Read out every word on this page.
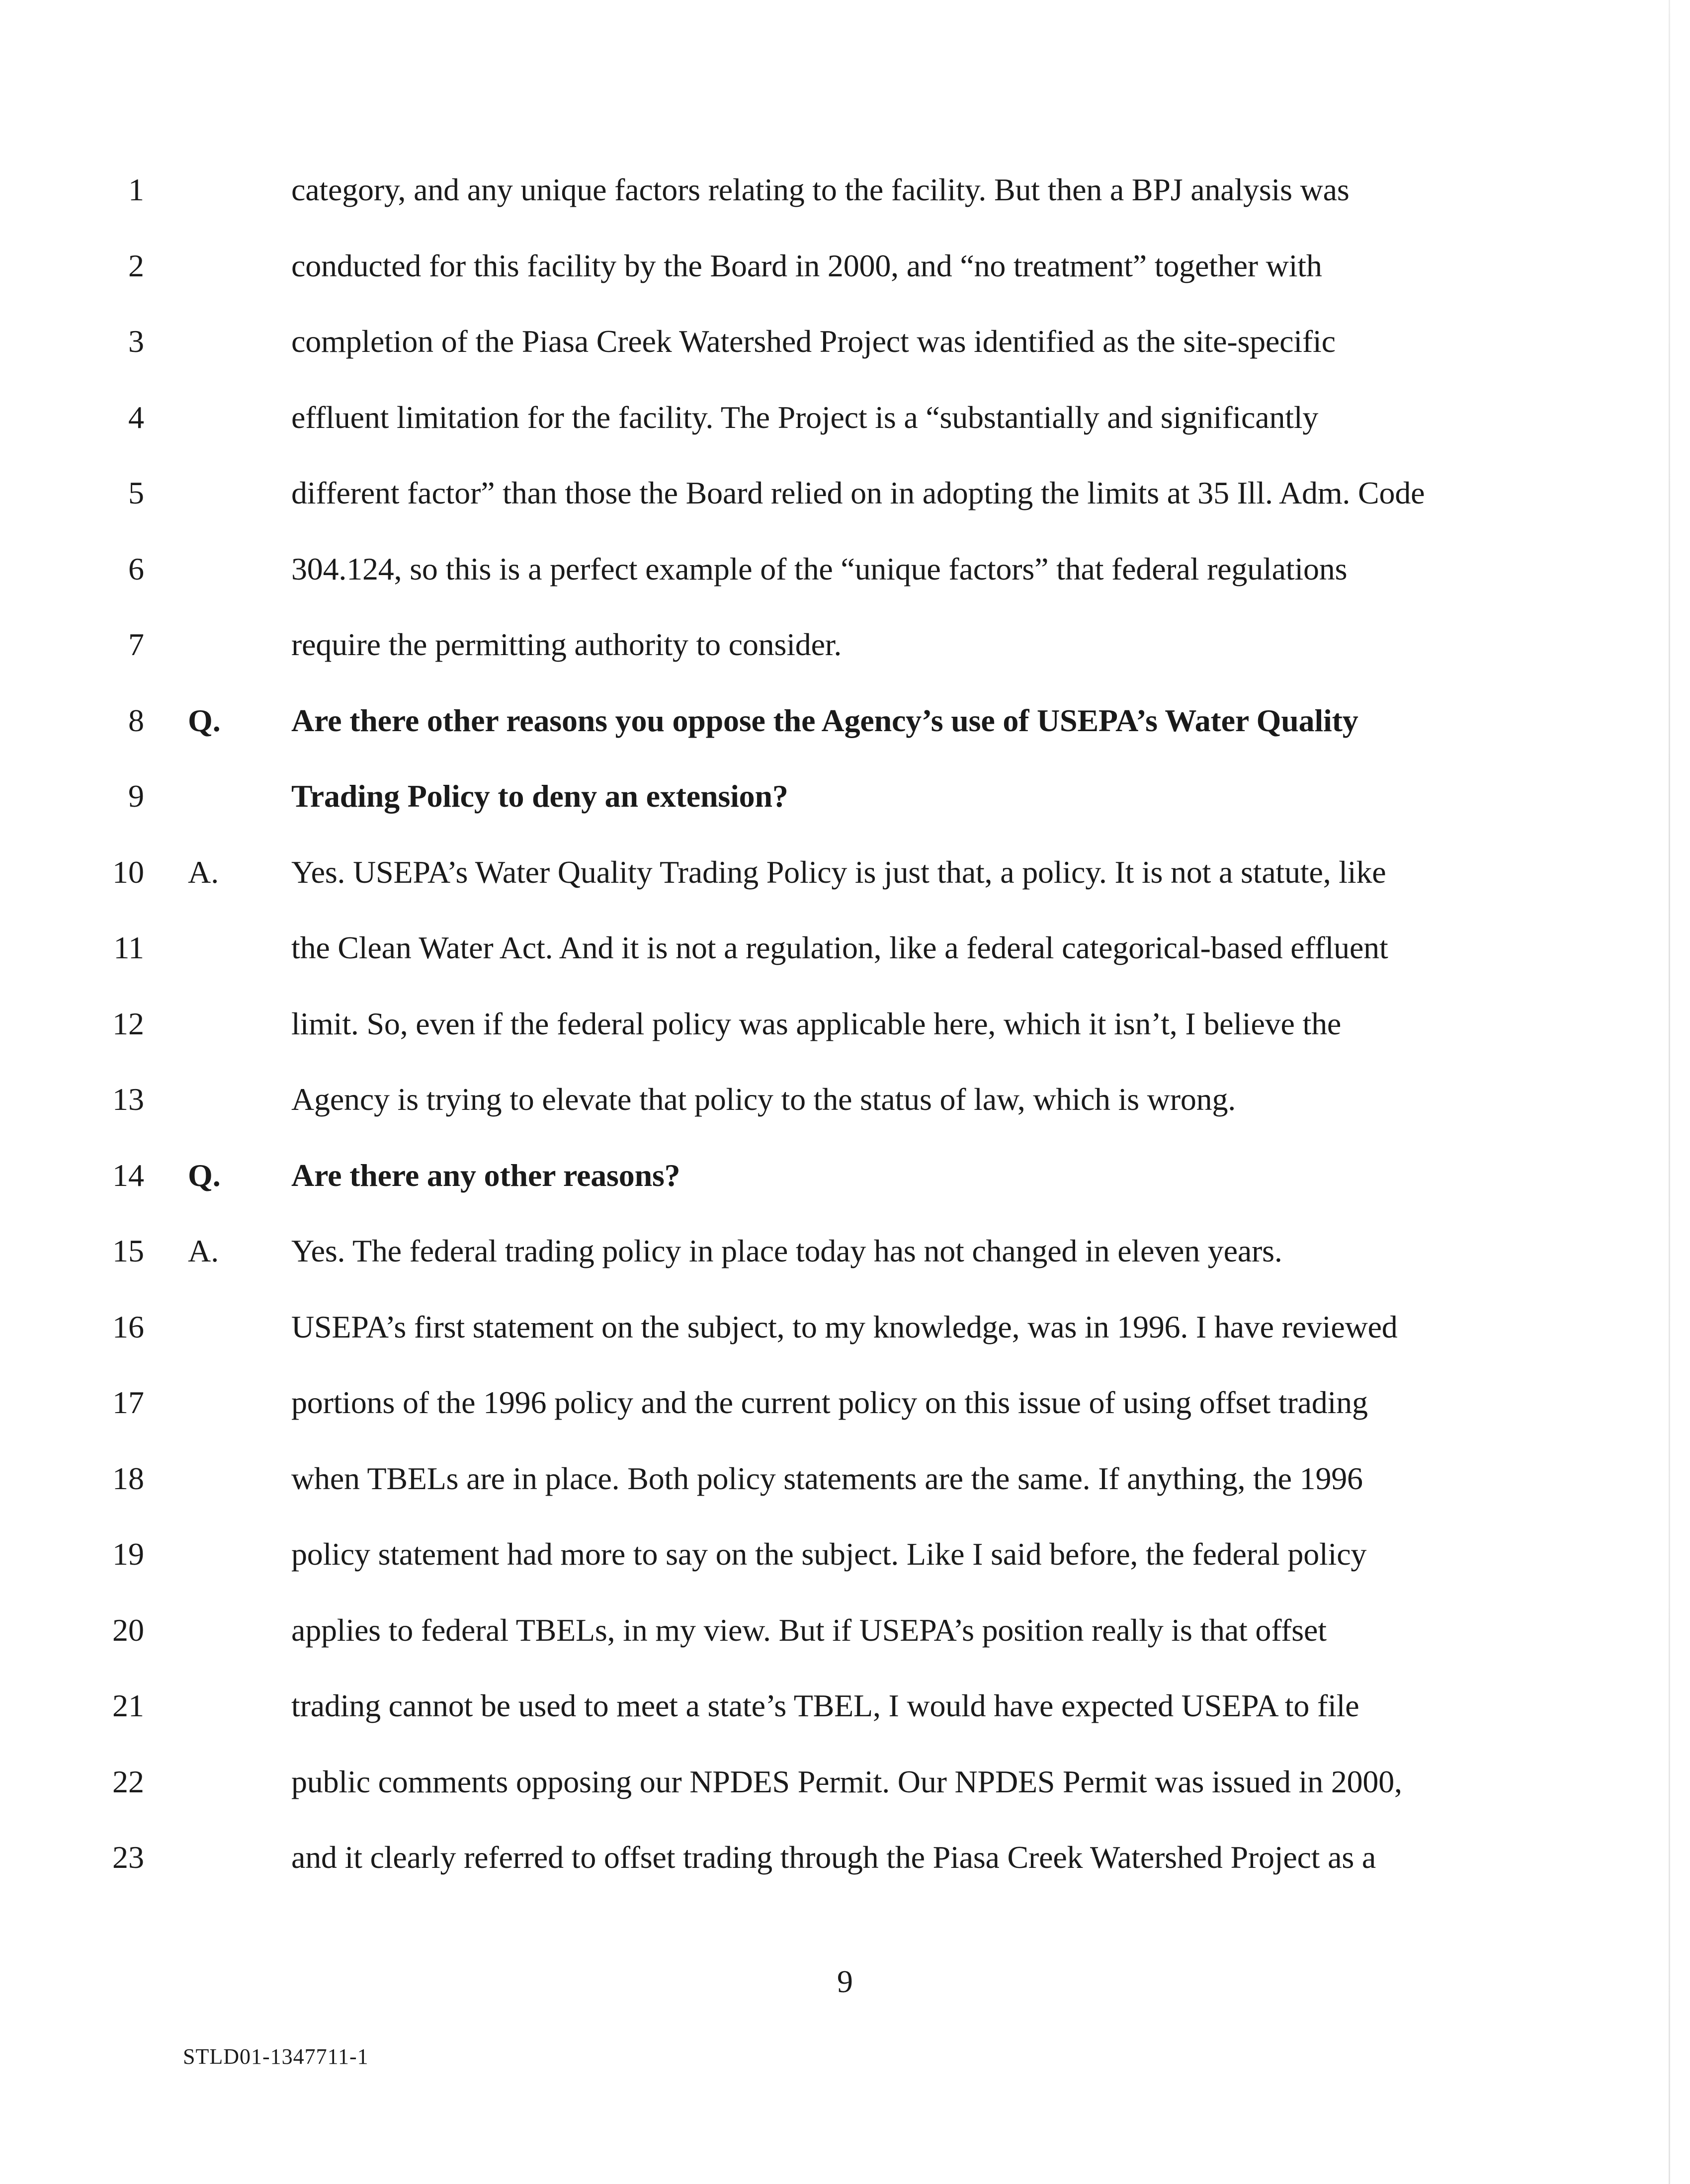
1	category, and any unique factors relating to the facility. But then a BPJ analysis was
2	conducted for this facility by the Board in 2000, and “no treatment” together with
3	completion of the Piasa Creek Watershed Project was identified as the site-specific
4	effluent limitation for the facility. The Project is a “substantially and significantly
5	different factor” than those the Board relied on in adopting the limits at 35 Ill. Adm. Code
6	304.124, so this is a perfect example of the “unique factors” that federal regulations
7	require the permitting authority to consider.
8 Q.	Are there other reasons you oppose the Agency’s use of USEPA’s Water Quality
9	Trading Policy to deny an extension?
10 A.	Yes. USEPA’s Water Quality Trading Policy is just that, a policy. It is not a statute, like
11	the Clean Water Act. And it is not a regulation, like a federal categorical-based effluent
12	limit. So, even if the federal policy was applicable here, which it isn’t, I believe the
13	Agency is trying to elevate that policy to the status of law, which is wrong.
14 Q.	Are there any other reasons?
15 A.	Yes. The federal trading policy in place today has not changed in eleven years.
16	USEPA’s first statement on the subject, to my knowledge, was in 1996. I have reviewed
17	portions of the 1996 policy and the current policy on this issue of using offset trading
18	when TBELs are in place. Both policy statements are the same. If anything, the 1996
19	policy statement had more to say on the subject. Like I said before, the federal policy
20	applies to federal TBELs, in my view. But if USEPA’s position really is that offset
21	trading cannot be used to meet a state’s TBEL, I would have expected USEPA to file
22	public comments opposing our NPDES Permit. Our NPDES Permit was issued in 2000,
23	and it clearly referred to offset trading through the Piasa Creek Watershed Project as a
9
STLD01-1347711-1
